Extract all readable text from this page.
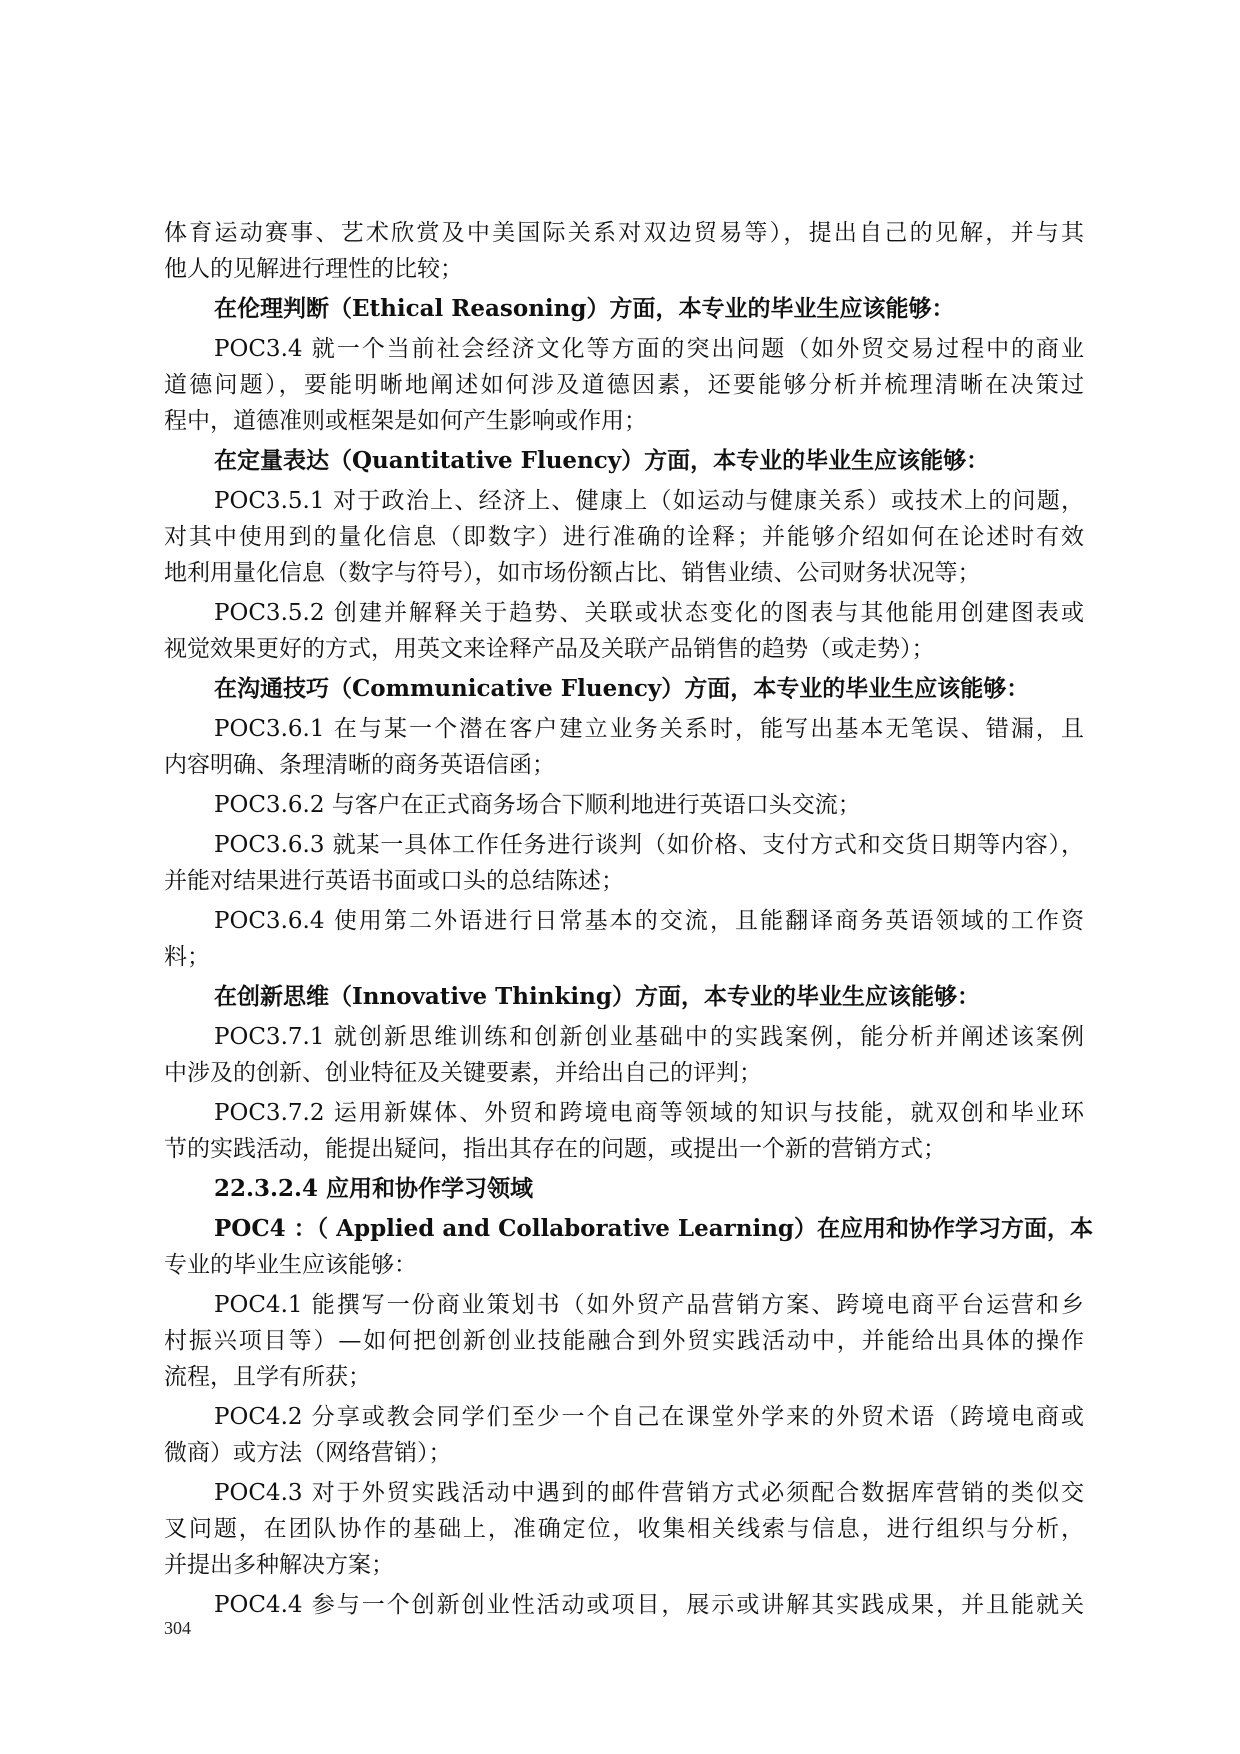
体育运动赛事、艺术欣赏及中美国际关系对双边贸易等），提出自己的见解，并与其

他人的见解进行理性的比较；

在伦理判断（Ethical Reasoning）方面，本专业的毕业生应该能够：

POC3.4 就一个当前社会经济文化等方面的突出问题（如外贸交易过程中的商业

道德问题），要能明晰地阐述如何涉及道德因素，还要能够分析并梳理清晰在决策过

程中，道德准则或框架是如何产生影响或作用；

在定量表达（Quantitative Fluency）方面，本专业的毕业生应该能够：

POC3.5.1 对于政治上、经济上、健康上（如运动与健康关系）或技术上的问题，

对其中使用到的量化信息（即数字）进行准确的诠释；并能够介绍如何在论述时有效

地利用量化信息（数字与符号），如市场份额占比、销售业绩、公司财务状况等；

POC3.5.2 创建并解释关于趋势、关联或状态变化的图表与其他能用创建图表或

视觉效果更好的方式，用英文来诠释产品及关联产品销售的趋势（或走势）；

在沟通技巧（Communicative Fluency）方面，本专业的毕业生应该能够：

POC3.6.1 在与某一个潜在客户建立业务关系时，能写出基本无笔误、错漏，且

内容明确、条理清晰的商务英语信函；

POC3.6.2 与客户在正式商务场合下顺利地进行英语口头交流；

POC3.6.3 就某一具体工作任务进行谈判（如价格、支付方式和交货日期等内容），

并能对结果进行英语书面或口头的总结陈述；

POC3.6.4 使用第二外语进行日常基本的交流，且能翻译商务英语领域的工作资

料；

在创新思维（Innovative Thinking）方面，本专业的毕业生应该能够：

POC3.7.1 就创新思维训练和创新创业基础中的实践案例，能分析并阐述该案例

中涉及的创新、创业特征及关键要素，并给出自己的评判；

POC3.7.2 运用新媒体、外贸和跨境电商等领域的知识与技能，就双创和毕业环

节的实践活动，能提出疑问，指出其存在的问题，或提出一个新的营销方式；

22.3.2.4 应用和协作学习领域

POC4 ：（ Applied and Collaborative Learning）在应用和协作学习方面，本

专业的毕业生应该能够：

POC4.1 能撰写一份商业策划书（如外贸产品营销方案、跨境电商平台运营和乡

村振兴项目等）—如何把创新创业技能融合到外贸实践活动中，并能给出具体的操作

流程，且学有所获；

POC4.2 分享或教会同学们至少一个自己在课堂外学来的外贸术语（跨境电商或

微商）或方法（网络营销）；

POC4.3 对于外贸实践活动中遇到的邮件营销方式必须配合数据库营销的类似交

叉问题，在团队协作的基础上，准确定位，收集相关线索与信息，进行组织与分析，

并提出多种解决方案；

POC4.4 参与一个创新创业性活动或项目，展示或讲解其实践成果，并且能就关

304
